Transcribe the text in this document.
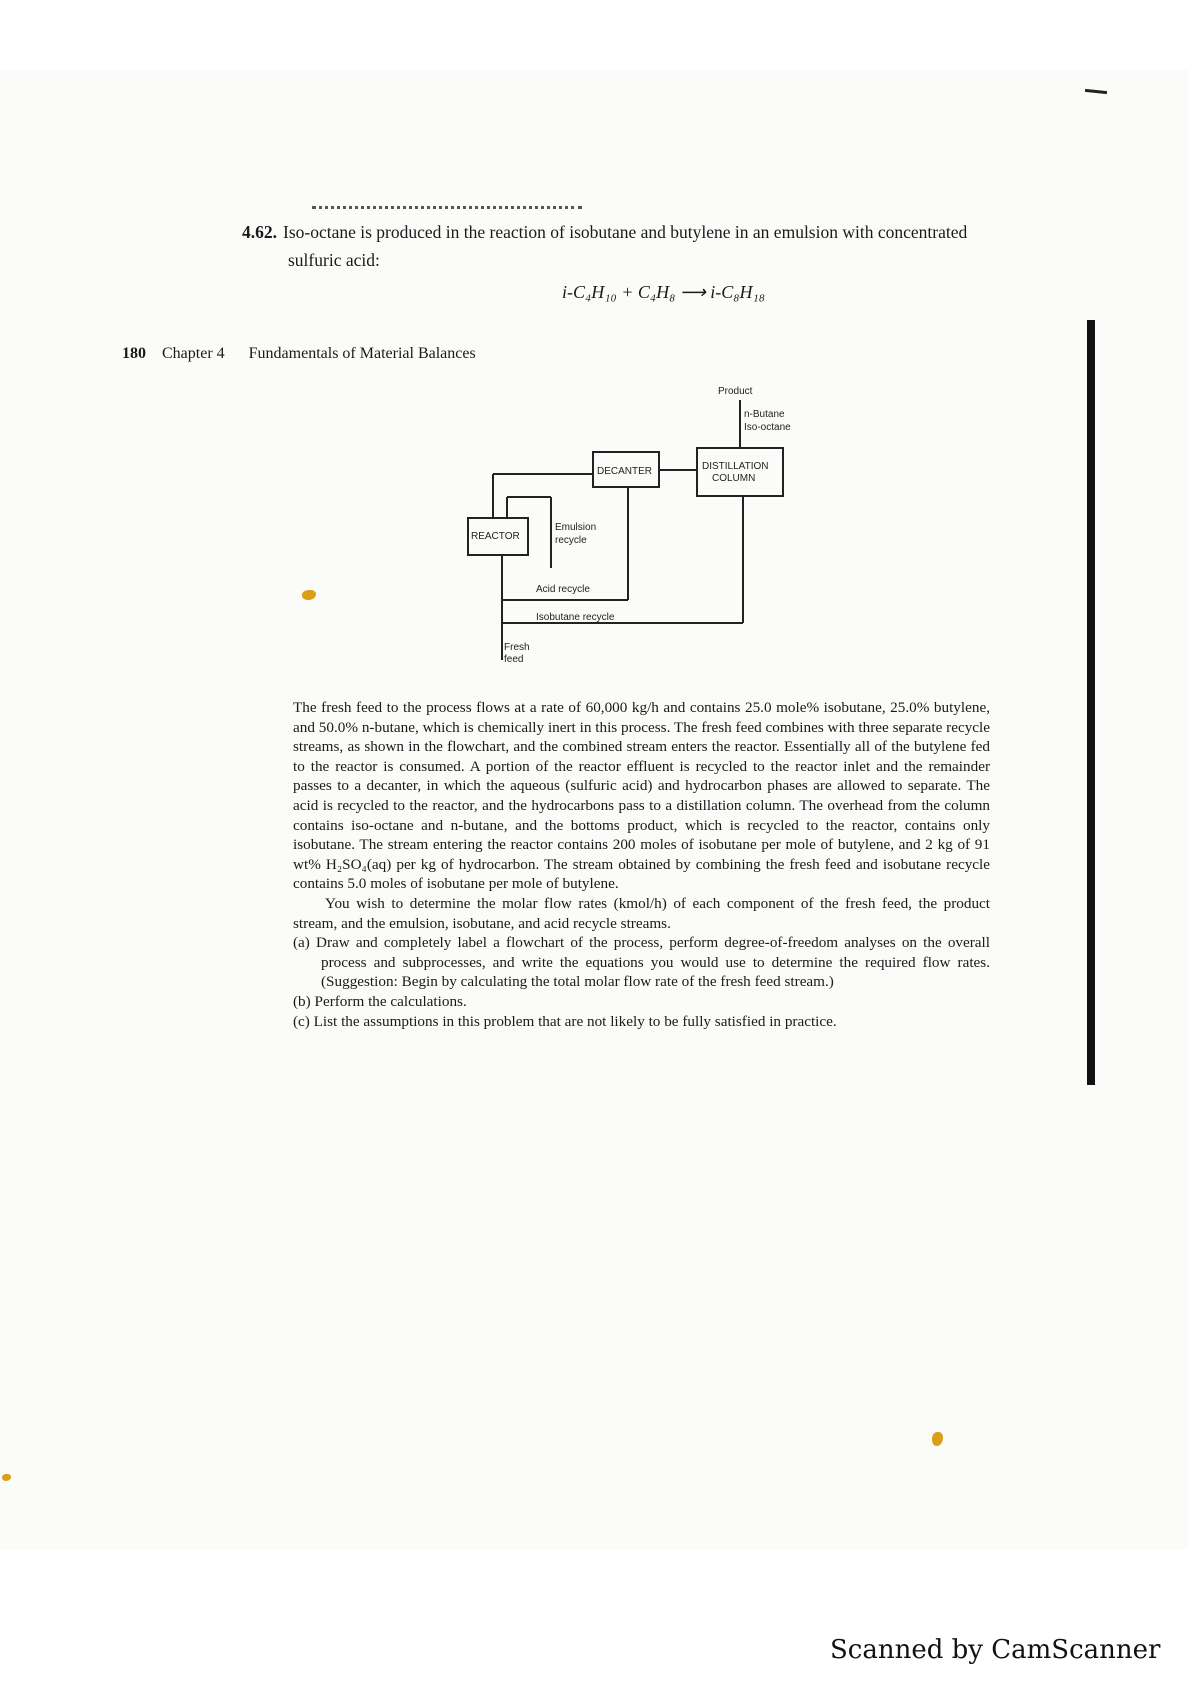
4.62. Iso-octane is produced in the reaction of isobutane and butylene in an emulsion with concentrated
sulfuric acid:
i-C₄H₁₀ + C₄H₈ ⟶ i-C₈H₁₈
180 Chapter 4 Fundamentals of Material Balances
Product
n-Butane
Iso-octane
DECANTER	DISTILLATION
COLUMN
REACTOR
Emulsion
recycle
Acid recycle
Isobutane recycle
Fresh
feed

The fresh feed to the process flows at a rate of 60,000 kg/h and contains 25.0 mole% isobutane, 25.0% butylene, and 50.0% n-butane, which is chemically inert in this process. The fresh feed combines with three separate recycle streams, as shown in the flowchart, and the combined stream enters the reactor. Essentially all of the butylene fed to the reactor is consumed. A portion of the reactor effluent is recycled to the reactor inlet and the remainder passes to a decanter, in which the aqueous (sulfuric acid) and hydrocarbon phases are allowed to separate. The acid is recycled to the reactor, and the hydrocarbons pass to a distillation column. The overhead from the column contains iso-octane and n-butane, and the bottoms product, which is recycled to the reactor, contains only isobutane. The stream entering the reactor contains 200 moles of isobutane per mole of butylene, and 2 kg of 91 wt% H₂SO₄(aq) per kg of hydrocarbon. The stream obtained by combining the fresh feed and isobutane recycle contains 5.0 moles of isobutane per mole of butylene.

You wish to determine the molar flow rates (kmol/h) of each component of the fresh feed, the product stream, and the emulsion, isobutane, and acid recycle streams.

(a) Draw and completely label a flowchart of the process, perform degree-of-freedom analyses on the overall process and subprocesses, and write the equations you would use to determine the required flow rates. (Suggestion: Begin by calculating the total molar flow rate of the fresh feed stream.)

(b) Perform the calculations.

(c) List the assumptions in this problem that are not likely to be fully satisfied in practice.

Scanned by CamScanner
